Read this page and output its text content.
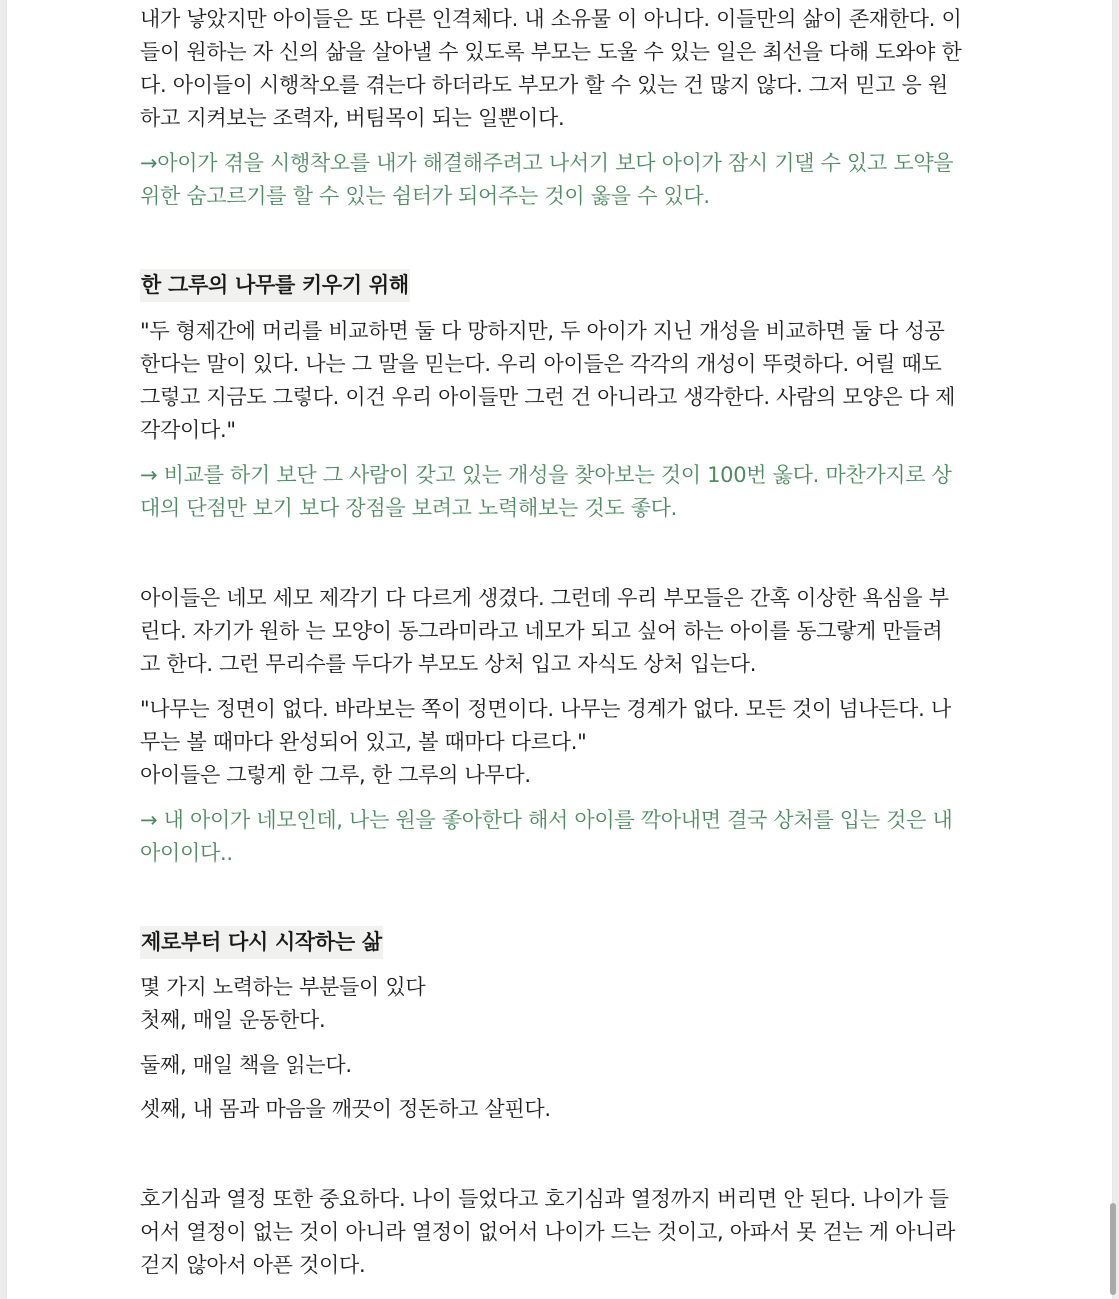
내가 낳았지만 아이들은 또 다른 인격체다. 내 소유물 이 아니다. 이들만의 삶이 존재한다. 이
들이 원하는 자 신의 삶을 살아낼 수 있도록 부모는 도울 수 있는 일은 최선을 다해 도와야 한
다. 아이들이 시행착오를 겪는다 하더라도 부모가 할 수 있는 건 많지 않다. 그저 믿고 응 원
하고 지켜보는 조력자, 버팀목이 되는 일뿐이다.
→아이가 겪을 시행착오를 내가 해결해주려고 나서기 보다 아이가 잠시 기댈 수 있고 도약을
위한 숨고르기를 할 수 있는 쉼터가 되어주는 것이 옳을 수 있다.
한 그루의 나무를 키우기 위해
"두 형제간에 머리를 비교하면 둘 다 망하지만, 두 아이가 지닌 개성을 비교하면 둘 다 성공
한다는 말이 있다. 나는 그 말을 믿는다. 우리 아이들은 각각의 개성이 뚜렷하다. 어릴 때도
그렇고 지금도 그렇다. 이건 우리 아이들만 그런 건 아니라고 생각한다. 사람의 모양은 다 제
각각이다."
→ 비교를 하기 보단 그 사람이 갖고 있는 개성을 찾아보는 것이 100번 옳다. 마찬가지로 상
대의 단점만 보기 보다 장점을 보려고 노력해보는 것도 좋다.
아이들은 네모 세모 제각기 다 다르게 생겼다. 그런데 우리 부모들은 간혹 이상한 욕심을 부
린다. 자기가 원하 는 모양이 동그라미라고 네모가 되고 싶어 하는 아이를 동그랗게 만들려
고 한다. 그런 무리수를 두다가 부모도 상처 입고 자식도 상처 입는다.
"나무는 정면이 없다. 바라보는 쪽이 정면이다. 나무는 경계가 없다. 모든 것이 넘나든다. 나
무는 볼 때마다 완성되어 있고, 볼 때마다 다르다."
아이들은 그렇게 한 그루, 한 그루의 나무다.
→ 내 아이가 네모인데, 나는 원을 좋아한다 해서 아이를 깍아내면 결국 상처를 입는 것은 내
아이이다..
제로부터 다시 시작하는 삶
몇 가지 노력하는 부분들이 있다
첫째, 매일 운동한다.
둘째, 매일 책을 읽는다.
셋째, 내 몸과 마음을 깨끗이 정돈하고 살핀다.
호기심과 열정 또한 중요하다. 나이 들었다고 호기심과 열정까지 버리면 안 된다. 나이가 들
어서 열정이 없는 것이 아니라 열정이 없어서 나이가 드는 것이고, 아파서 못 걷는 게 아니라
걷지 않아서 아픈 것이다.
